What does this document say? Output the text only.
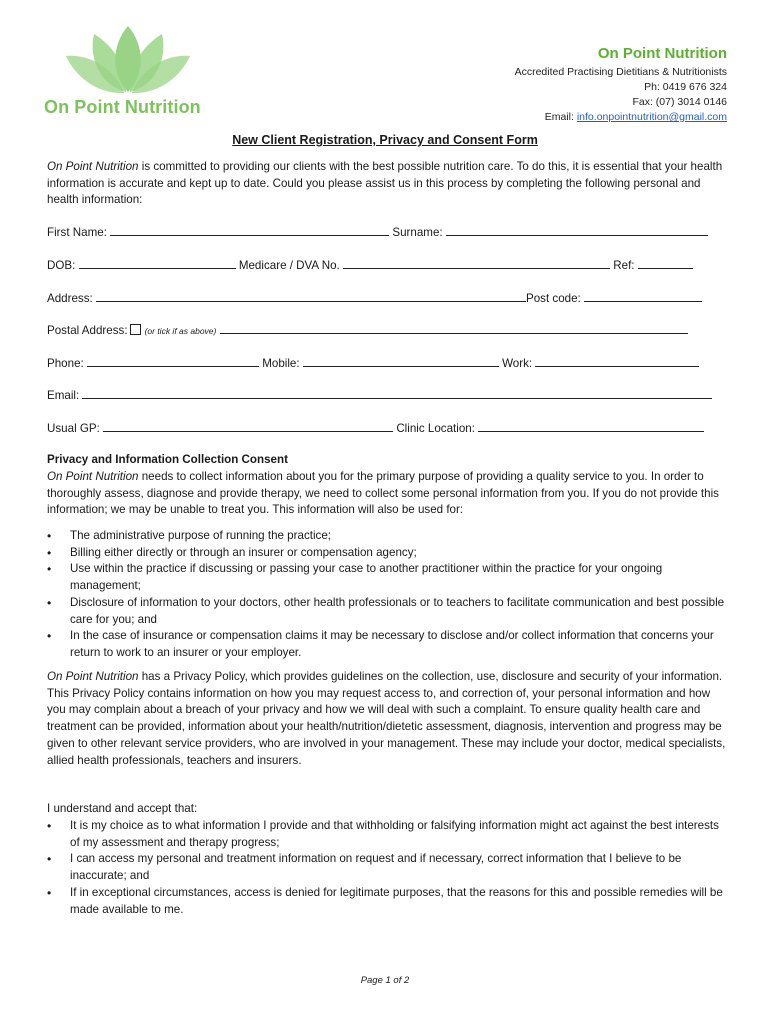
On Point Nutrition
On Point Nutrition
Accredited Practising Dietitians & Nutritionists
Ph: 0419 676 324
Fax: (07) 3014 0146
Email: info.onpointnutrition@gmail.com
New Client Registration, Privacy and Consent Form
On Point Nutrition is committed to providing our clients with the best possible nutrition care. To do this, it is essential that your health information is accurate and kept up to date. Could you please assist us in this process by completing the following personal and health information:
First Name:	Surname:
DOB:	Medicare / DVA No.	Ref:
Address:	Post code:
Postal Address: (or tick if as above)
Phone:	Mobile:	Work:
Email:
Usual GP:	Clinic Location:
Privacy and Information Collection Consent
On Point Nutrition needs to collect information about you for the primary purpose of providing a quality service to you. In order to thoroughly assess, diagnose and provide therapy, we need to collect some personal information from you. If you do not provide this information; we may be unable to treat you. This information will also be used for:
• The administrative purpose of running the practice;
• Billing either directly or through an insurer or compensation agency;
• Use within the practice if discussing or passing your case to another practitioner within the practice for your ongoing management;
• Disclosure of information to your doctors, other health professionals or to teachers to facilitate communication and best possible care for you; and
• In the case of insurance or compensation claims it may be necessary to disclose and/or collect information that concerns your return to work to an insurer or your employer.
On Point Nutrition has a Privacy Policy, which provides guidelines on the collection, use, disclosure and security of your information. This Privacy Policy contains information on how you may request access to, and correction of, your personal information and how you may complain about a breach of your privacy and how we will deal with such a complaint. To ensure quality health care and treatment can be provided, information about your health/nutrition/dietetic assessment, diagnosis, intervention and progress may be given to other relevant service providers, who are involved in your management. These may include your doctor, medical specialists, allied health professionals, teachers and insurers.
I understand and accept that:
• It is my choice as to what information I provide and that withholding or falsifying information might act against the best interests of my assessment and therapy progress;
• I can access my personal and treatment information on request and if necessary, correct information that I believe to be inaccurate; and
• If in exceptional circumstances, access is denied for legitimate purposes, that the reasons for this and possible remedies will be made available to me.
Page 1 of 2
